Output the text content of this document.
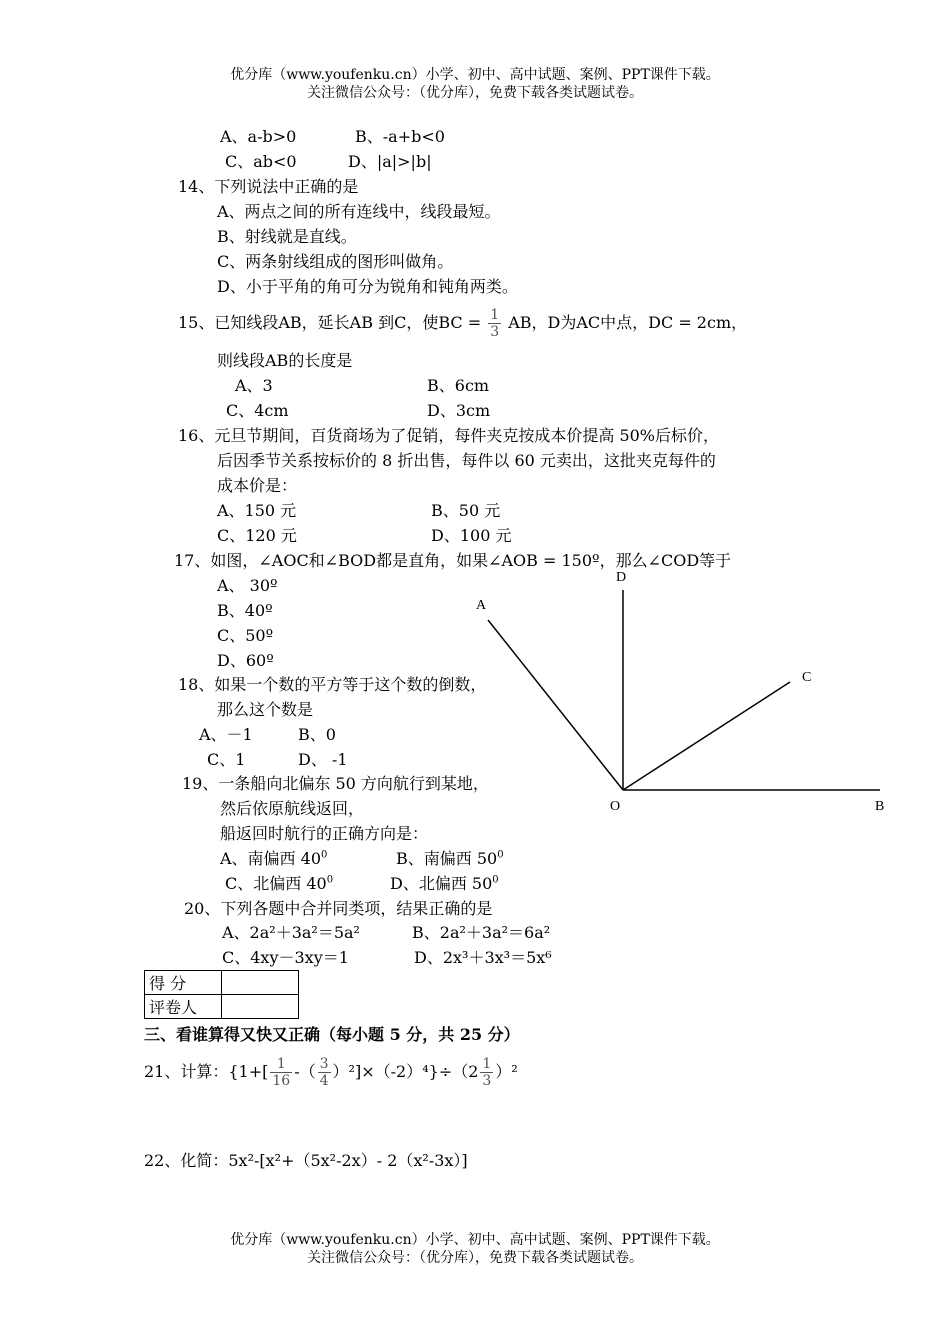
优分库（www.youfenku.cn）小学、初中、高中试题、案例、PPT课件下载。
关注微信公众号：（优分库），免费下载各类试题试卷。
A、a-b>0	B、-a+b<0
C、ab<0	D、|a|>|b|
14、下列说法中正确的是
A、两点之间的所有连线中，线段最短。
B、射线就是直线。
C、两条射线组成的图形叫做角。
D、小于平角的角可分为锐角和钝角两类。
15、已知线段AB，延长AB 到C，使BC = $\frac{1}{3}$ AB，D为AC中点，DC = 2cm，
则线段AB的长度是
A、3	B、6cm
C、4cm	D、3cm
16、元旦节期间，百货商场为了促销，每件夹克按成本价提高 50%后标价，
后因季节关系按标价的 8 折出售，每件以 60 元卖出，这批夹克每件的
成本价是：
A、150 元	B、50 元
C、120 元	D、100 元
17、如图，∠AOC和∠BOD都是直角，如果∠AOB = 150º，那么∠COD等于
A、 30º
B、40º
C、50º
D、60º
D
A
C
O	B
18、如果一个数的平方等于这个数的倒数，
那么这个数是
A、－1	B、0
C、1	D、 -1
19、一条船向北偏东 50 方向航行到某地，
然后依原航线返回，
船返回时航行的正确方向是：
A、南偏西 $40^0$	B、南偏西 $50^0$
C、北偏西 $40^0$	D、北偏西 $50^0$
20、下列各题中合并同类项，结果正确的是
A、2a²＋3a²＝5a²	B、2a²＋3a²＝6a²
C、4xy－3xy＝1	D、2x³＋3x³＝5x⁶
得 分	
评卷人	
三、看谁算得又快又正确（每小题 5 分，共 25 分）
21、计算：{$1+[ \frac{1}{16}$ -（ $\frac{3}{4} )^2]\times(-2)^4\}\div(2 \frac{1}{3} )^2$
22、化简：5x²-[x²+（5x²-2x）- 2（x²-3x）]
优分库（www.youfenku.cn）小学、初中、高中试题、案例、PPT课件下载。
关注微信公众号：（优分库），免费下载各类试题试卷。
